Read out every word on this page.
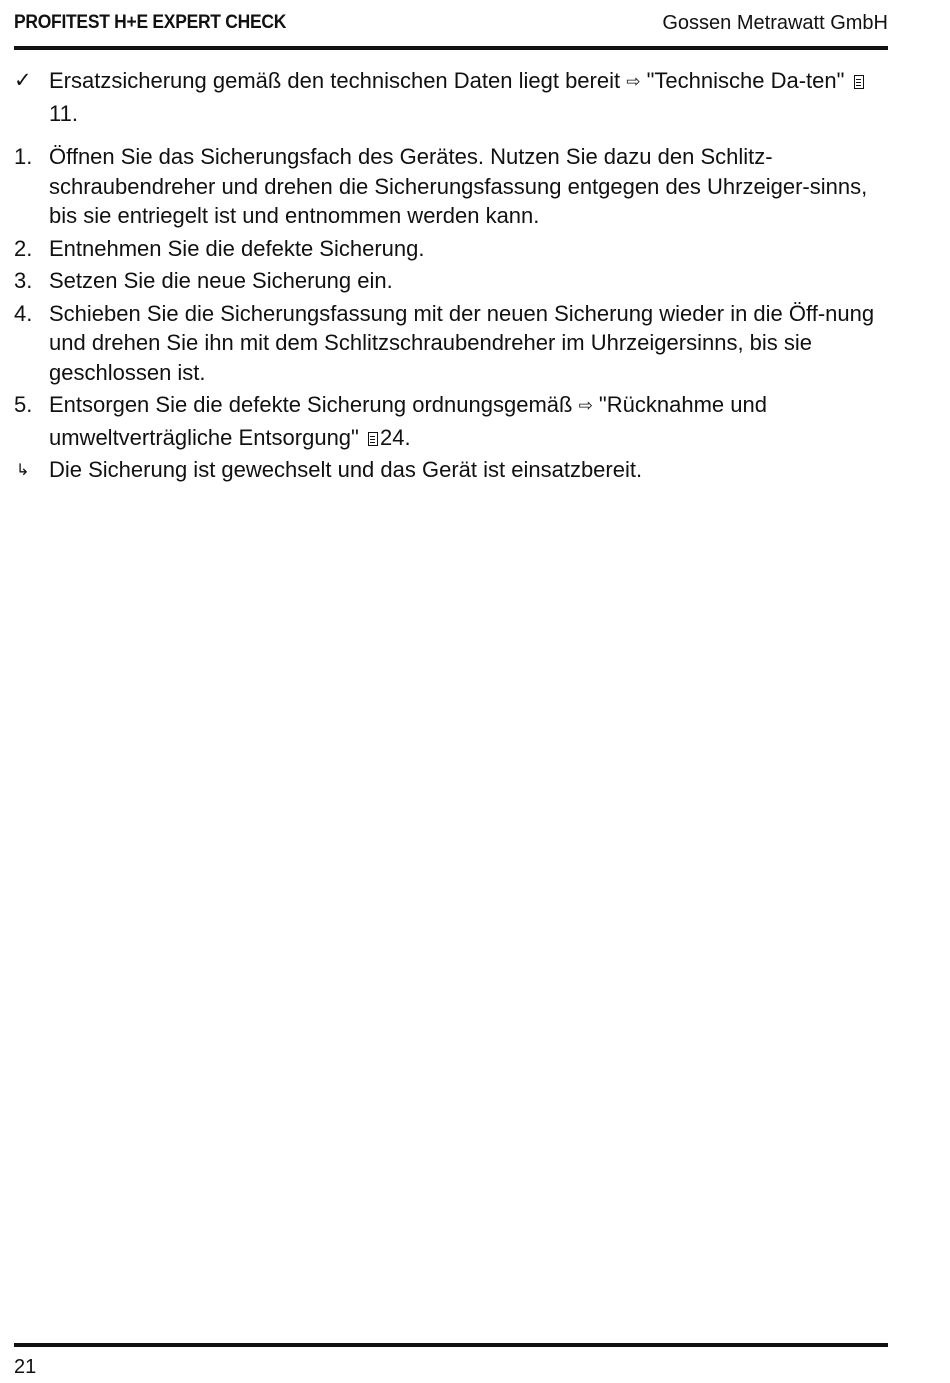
PROFITEST H+E EXPERT CHECK	Gossen Metrawatt GmbH
✓ Ersatzsicherung gemäß den technischen Daten liegt bereit ⇨ "Technische Da-ten" 11.
1. Öffnen Sie das Sicherungsfach des Gerätes. Nutzen Sie dazu den Schlitz-schraubendreher und drehen die Sicherungsfassung entgegen des Uhrzeiger-sinns, bis sie entriegelt ist und entnommen werden kann.
2. Entnehmen Sie die defekte Sicherung.
3. Setzen Sie die neue Sicherung ein.
4. Schieben Sie die Sicherungsfassung mit der neuen Sicherung wieder in die Öff-nung und drehen Sie ihn mit dem Schlitzschraubendreher im Uhrzeigersinns, bis sie geschlossen ist.
5. Entsorgen Sie die defekte Sicherung ordnungsgemäß ⇨ "Rücknahme und umweltverträgliche Entsorgung" 24.
↳ Die Sicherung ist gewechselt und das Gerät ist einsatzbereit.
21
